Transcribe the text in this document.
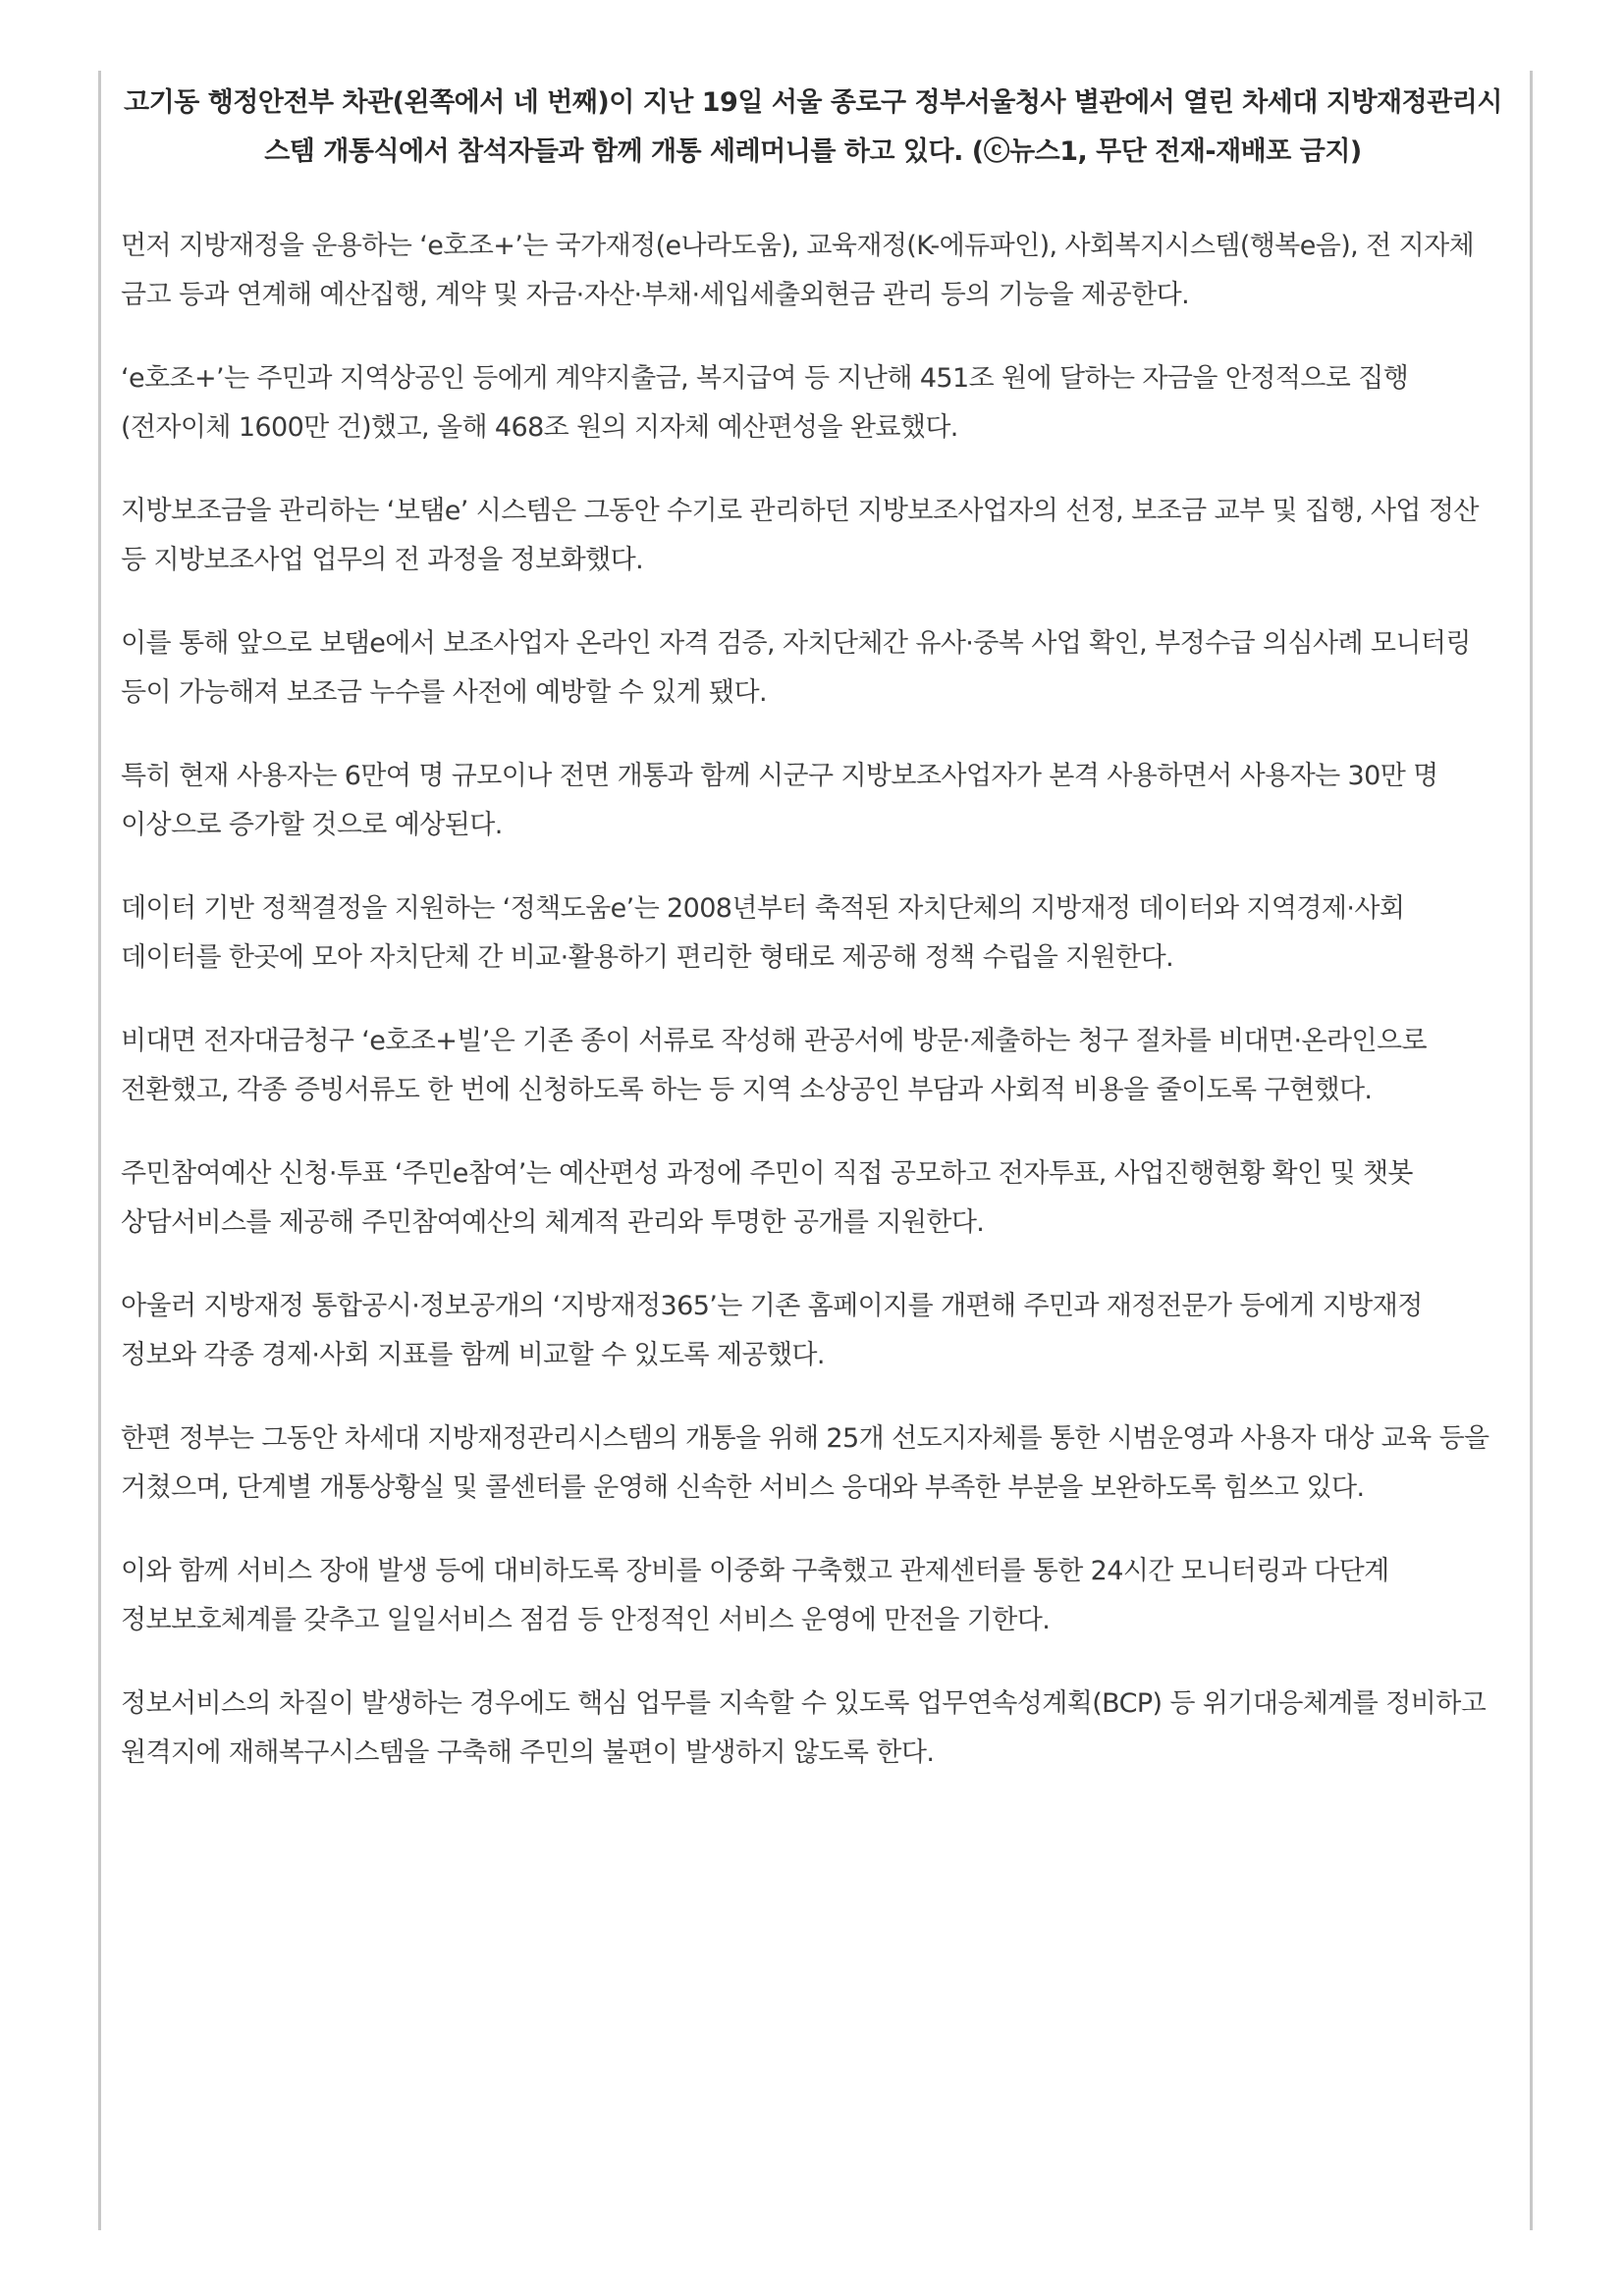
고기동 행정안전부 차관(왼쪽에서 네 번째)이 지난 19일 서울 종로구 정부서울청사 별관에서 열린 차세대 지방재정관리시스템 개통식에서 참석자들과 함께 개통 세레머니를 하고 있다. (ⓒ뉴스1, 무단 전재-재배포 금지)

먼저 지방재정을 운용하는 ‘e호조+’는 국가재정(e나라도움), 교육재정(K-에듀파인), 사회복지시스템(행복e음), 전 지자체 금고 등과 연계해 예산집행, 계약 및 자금·자산·부채·세입세출외현금 관리 등의 기능을 제공한다.

‘e호조+’는 주민과 지역상공인 등에게 계약지출금, 복지급여 등 지난해 451조 원에 달하는 자금을 안정적으로 집행(전자이체 1600만 건)했고, 올해 468조 원의 지자체 예산편성을 완료했다.

지방보조금을 관리하는 ‘보탬e’ 시스템은 그동안 수기로 관리하던 지방보조사업자의 선정, 보조금 교부 및 집행, 사업 정산 등 지방보조사업 업무의 전 과정을 정보화했다.

이를 통해 앞으로 보탬e에서 보조사업자 온라인 자격 검증, 자치단체간 유사·중복 사업 확인, 부정수급 의심사례 모니터링 등이 가능해져 보조금 누수를 사전에 예방할 수 있게 됐다.

특히 현재 사용자는 6만여 명 규모이나 전면 개통과 함께 시군구 지방보조사업자가 본격 사용하면서 사용자는 30만 명 이상으로 증가할 것으로 예상된다.

데이터 기반 정책결정을 지원하는 ‘정책도움e’는 2008년부터 축적된 자치단체의 지방재정 데이터와 지역경제·사회 데이터를 한곳에 모아 자치단체 간 비교·활용하기 편리한 형태로 제공해 정책 수립을 지원한다.

비대면 전자대금청구 ‘e호조+빌’은 기존 종이 서류로 작성해 관공서에 방문·제출하는 청구 절차를 비대면·온라인으로 전환했고, 각종 증빙서류도 한 번에 신청하도록 하는 등 지역 소상공인 부담과 사회적 비용을 줄이도록 구현했다.

주민참여예산 신청·투표 ‘주민e참여’는 예산편성 과정에 주민이 직접 공모하고 전자투표, 사업진행현황 확인 및 챗봇 상담서비스를 제공해 주민참여예산의 체계적 관리와 투명한 공개를 지원한다.

아울러 지방재정 통합공시·정보공개의 ‘지방재정365’는 기존 홈페이지를 개편해 주민과 재정전문가 등에게 지방재정 정보와 각종 경제·사회 지표를 함께 비교할 수 있도록 제공했다.

한편 정부는 그동안 차세대 지방재정관리시스템의 개통을 위해 25개 선도지자체를 통한 시범운영과 사용자 대상 교육 등을 거쳤으며, 단계별 개통상황실 및 콜센터를 운영해 신속한 서비스 응대와 부족한 부분을 보완하도록 힘쓰고 있다.

이와 함께 서비스 장애 발생 등에 대비하도록 장비를 이중화 구축했고 관제센터를 통한 24시간 모니터링과 다단계 정보보호체계를 갖추고 일일서비스 점검 등 안정적인 서비스 운영에 만전을 기한다.

정보서비스의 차질이 발생하는 경우에도 핵심 업무를 지속할 수 있도록 업무연속성계획(BCP) 등 위기대응체계를 정비하고 원격지에 재해복구시스템을 구축해 주민의 불편이 발생하지 않도록 한다.
